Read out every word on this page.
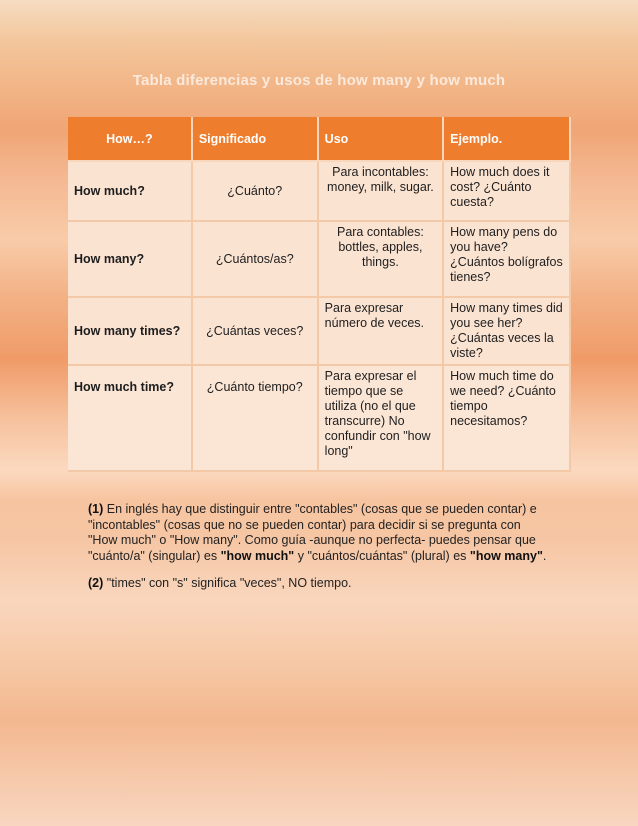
Tabla diferencias y usos de how many y how much
How…?	Significado	Uso	Ejemplo.
How much?	¿Cuánto?	Para incontables: money, milk, sugar.	How much does it cost? ¿Cuánto cuesta?
How many?	¿Cuántos/as?	Para contables: bottles, apples, things.	How many pens do you have? ¿Cuántos bolígrafos tienes?
How many times?	¿Cuántas veces?	Para expresar número de veces.	How many times did you see her? ¿Cuántas veces la viste?
How much time?	¿Cuánto tiempo?	Para expresar el tiempo que se utiliza (no el que transcurre) No confundir con "how long"	How much time do we need? ¿Cuánto tiempo necesitamos?

(1) En inglés hay que distinguir entre "contables" (cosas que se pueden contar) e "incontables" (cosas que no se pueden contar) para decidir si se pregunta con "How much" o "How many". Como guía -aunque no perfecta- puedes pensar que "cuánto/a" (singular) es "how much" y "cuántos/cuántas" (plural) es "how many".

(2) "times" con "s" significa "veces", NO tiempo.
